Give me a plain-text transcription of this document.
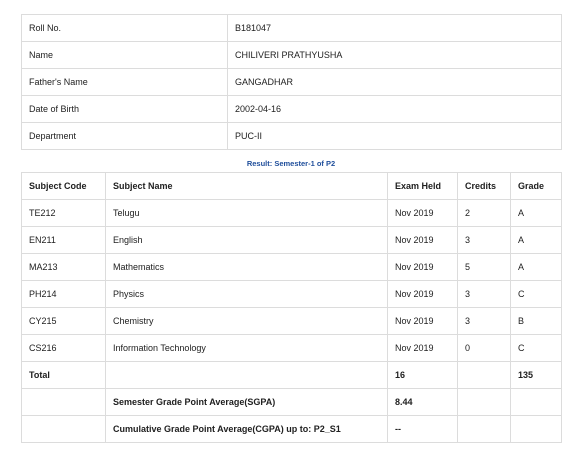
Roll No.	B181047
Name	CHILIVERI PRATHYUSHA
Father's Name	GANGADHAR
Date of Birth	2002-04-16
Department	PUC-II
Result: Semester-1 of P2
Subject Code	Subject Name	Exam Held	Credits	Grade
TE212	Telugu	Nov 2019	2	A
EN211	English	Nov 2019	3	A
MA213	Mathematics	Nov 2019	5	A
PH214	Physics	Nov 2019	3	C
CY215	Chemistry	Nov 2019	3	B
CS216	Information Technology	Nov 2019	0	C
Total		16		135
	Semester Grade Point Average(SGPA)	8.44		
	Cumulative Grade Point Average(CGPA) up to: P2_S1	--		
